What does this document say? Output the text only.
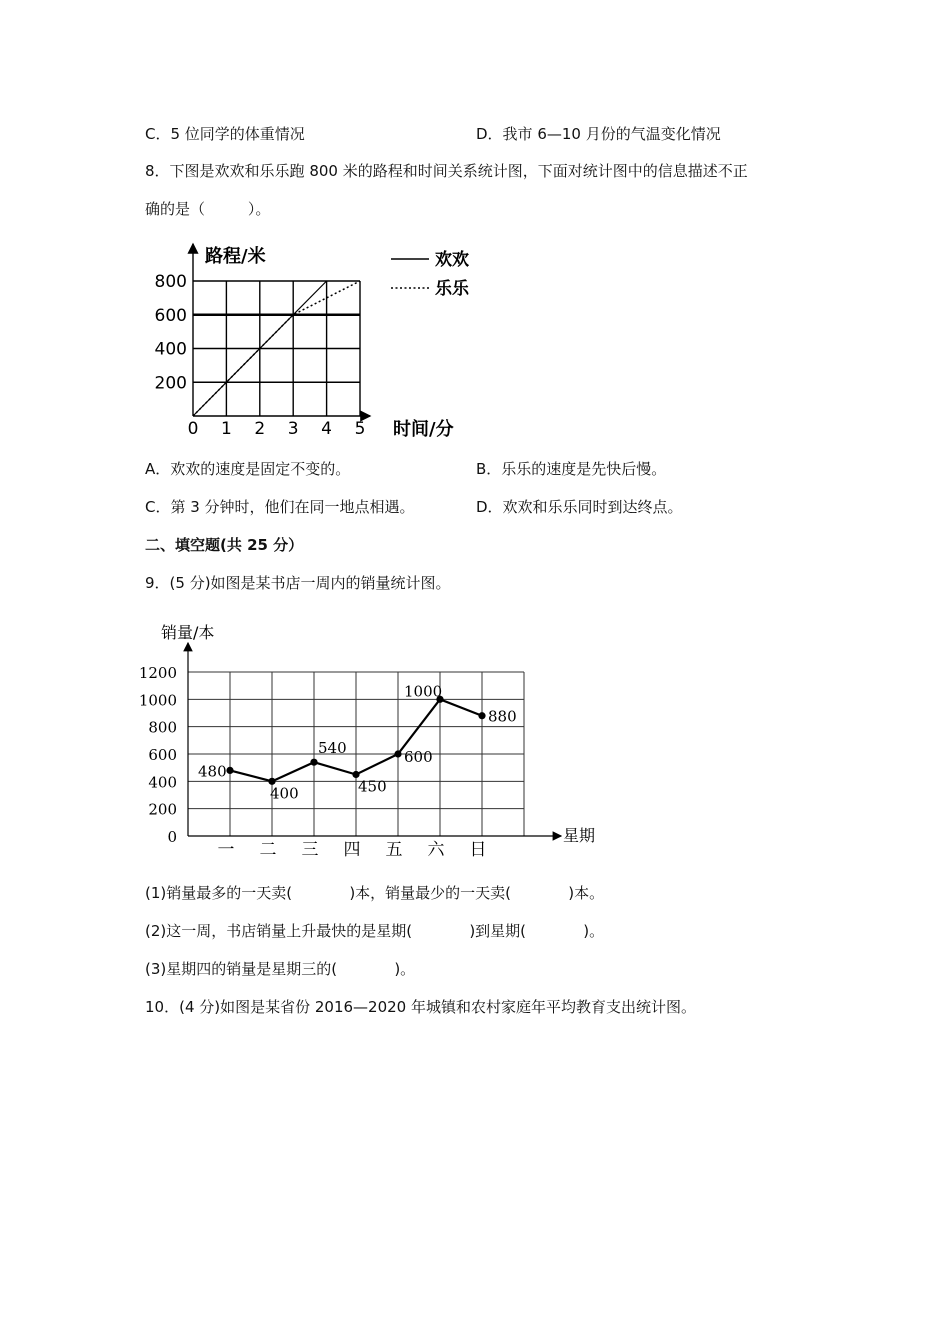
C．5 位同学的体重情况	D．我市 6—10 月份的气温变化情况
8．下图是欢欢和乐乐跑 800 米的路程和时间关系统计图，下面对统计图中的信息描述不正
确的是（         ）。
0 1 2 3 4 5
200
400
600
800
路程/米
时间/分
欢欢
乐乐
A．欢欢的速度是固定不变的。	B．乐乐的速度是先快后慢。
C．第 3 分钟时，他们在同一地点相遇。	D．欢欢和乐乐同时到达终点。
二、填空题(共 25 分）
9．(5 分)如图是某书店一周内的销量统计图。
0
200
400
600
800
1000
1200
一 二 三 四 五 六 日
销量/本
星期
480
400
540
450
600
1000
880
(1)销量最多的一天卖(            )本，销量最少的一天卖(            )本。
(2)这一周，书店销量上升最快的是星期(            )到星期(            )。
(3)星期四的销量是星期三的(            )。
10．(4 分)如图是某省份 2016—2020 年城镇和农村家庭年平均教育支出统计图。
